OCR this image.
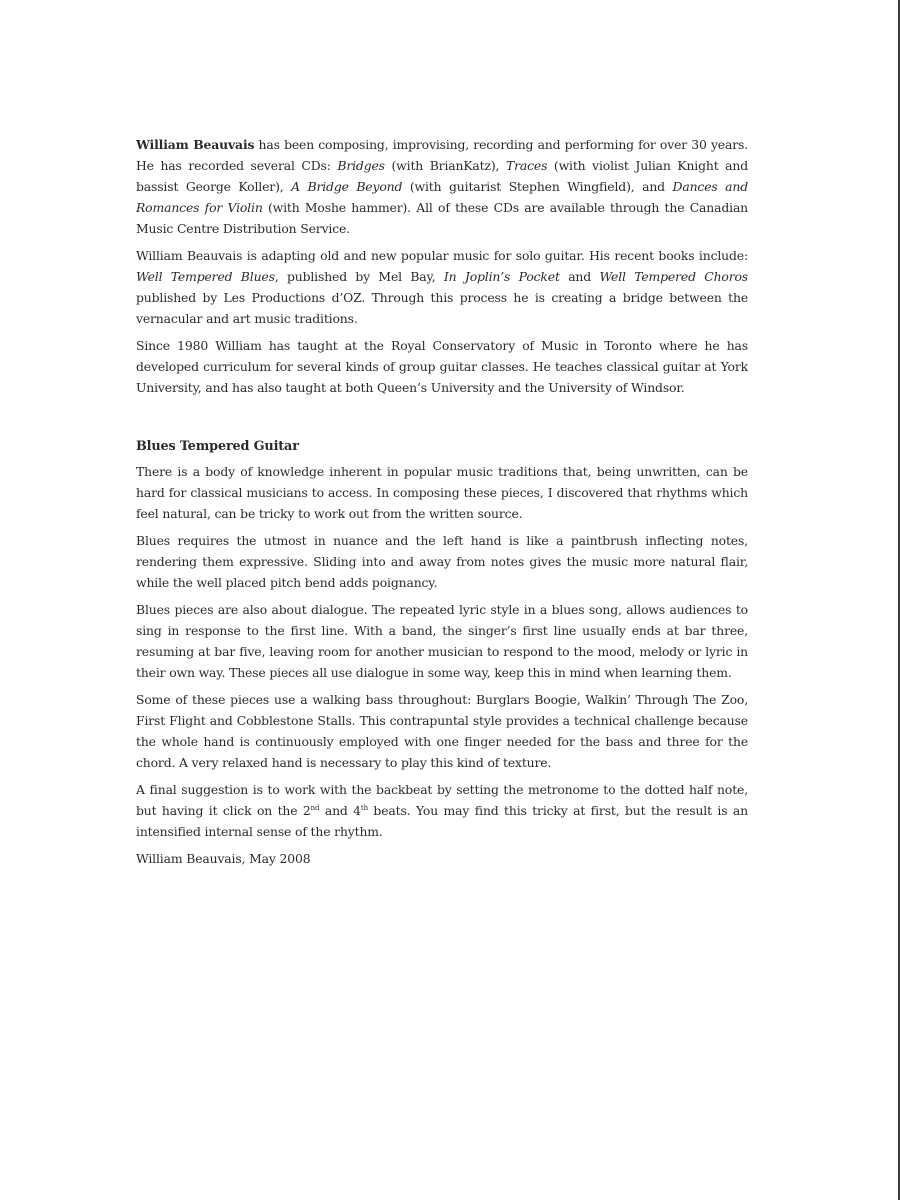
William Beauvais has been composing, improvising, recording and performing for over 30 years. He has recorded several CDs: Bridges (with BrianKatz), Traces (with violist Julian Knight and bassist George Koller), A Bridge Beyond (with guitarist Stephen Wingfield), and Dances and Romances for Violin (with Moshe hammer). All of these CDs are available through the Canadian Music Centre Distribution Service.

William Beauvais is adapting old and new popular music for solo guitar. His recent books include: Well Tempered Blues, published by Mel Bay, In Joplin’s Pocket and Well Tempered Choros published by Les Productions d’OZ. Through this process he is creating a bridge between the vernacular and art music traditions.

Since 1980 William has taught at the Royal Conservatory of Music in Toronto where he has developed curriculum for several kinds of group guitar classes. He teaches classical guitar at York University, and has also taught at both Queen’s University and the University of Windsor.

Blues Tempered Guitar

There is a body of knowledge inherent in popular music traditions that, being unwritten, can be hard for classical musicians to access. In composing these pieces, I discovered that rhythms which feel natural, can be tricky to work out from the written source.

Blues requires the utmost in nuance and the left hand is like a paintbrush inflecting notes, rendering them expressive. Sliding into and away from notes gives the music more natural flair, while the well placed pitch bend adds poignancy.

Blues pieces are also about dialogue. The repeated lyric style in a blues song, allows audiences to sing in response to the first line. With a band, the singer’s first line usually ends at bar three, resuming at bar five, leaving room for another musician to respond to the mood, melody or lyric in their own way. These pieces all use dialogue in some way, keep this in mind when learning them.

Some of these pieces use a walking bass throughout: Burglars Boogie, Walkin’ Through The Zoo, First Flight and Cobblestone Stalls. This contrapuntal style provides a technical challenge because the whole hand is continuously employed with one finger needed for the bass and three for the chord. A very relaxed hand is necessary to play this kind of texture.

A final suggestion is to work with the backbeat by setting the metronome to the dotted half note, but having it click on the 2nd and 4th beats. You may find this tricky at first, but the result is an intensified internal sense of the rhythm.

William Beauvais, May 2008
